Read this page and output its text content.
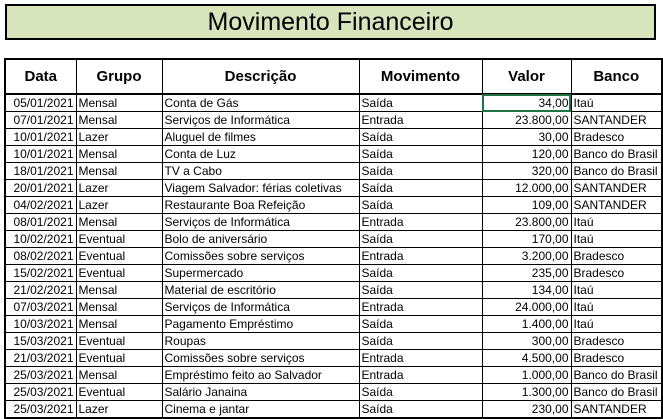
Movimento Financeiro
Data	Grupo	Descrição	Movimento	Valor	Banco
05/01/2021	Mensal	Conta de Gás	Saída	34,00	Itaú
07/01/2021	Mensal	Serviços de Informática	Entrada	23.800,00	SANTANDER
10/01/2021	Lazer	Aluguel de filmes	Saída	30,00	Bradesco
10/01/2021	Mensal	Conta de Luz	Saída	120,00	Banco do Brasil
18/01/2021	Mensal	TV a Cabo	Saída	320,00	Banco do Brasil
20/01/2021	Lazer	Viagem Salvador: férias coletivas	Saída	12.000,00	SANTANDER
04/02/2021	Lazer	Restaurante Boa Refeição	Saída	109,00	SANTANDER
08/01/2021	Mensal	Serviços de Informática	Entrada	23.800,00	Itaú
10/02/2021	Eventual	Bolo de aniversário	Saída	170,00	Itaú
08/02/2021	Eventual	Comissões sobre serviços	Entrada	3.200,00	Bradesco
15/02/2021	Eventual	Supermercado	Saída	235,00	Bradesco
21/02/2021	Mensal	Material de escritório	Saída	134,00	Itaú
07/03/2021	Mensal	Serviços de Informática	Entrada	24.000,00	Itaú
10/03/2021	Mensal	Pagamento Empréstimo	Saída	1.400,00	Itaú
15/03/2021	Eventual	Roupas	Saída	300,00	Bradesco
21/03/2021	Eventual	Comissões sobre serviços	Entrada	4.500,00	Bradesco
25/03/2021	Mensal	Empréstimo feito ao Salvador	Entrada	1.000,00	Banco do Brasil
25/03/2021	Eventual	Salário Janaina	Saída	1.300,00	Banco do Brasil
25/03/2021	Lazer	Cinema e jantar	Saída	230,00	SANTANDER
